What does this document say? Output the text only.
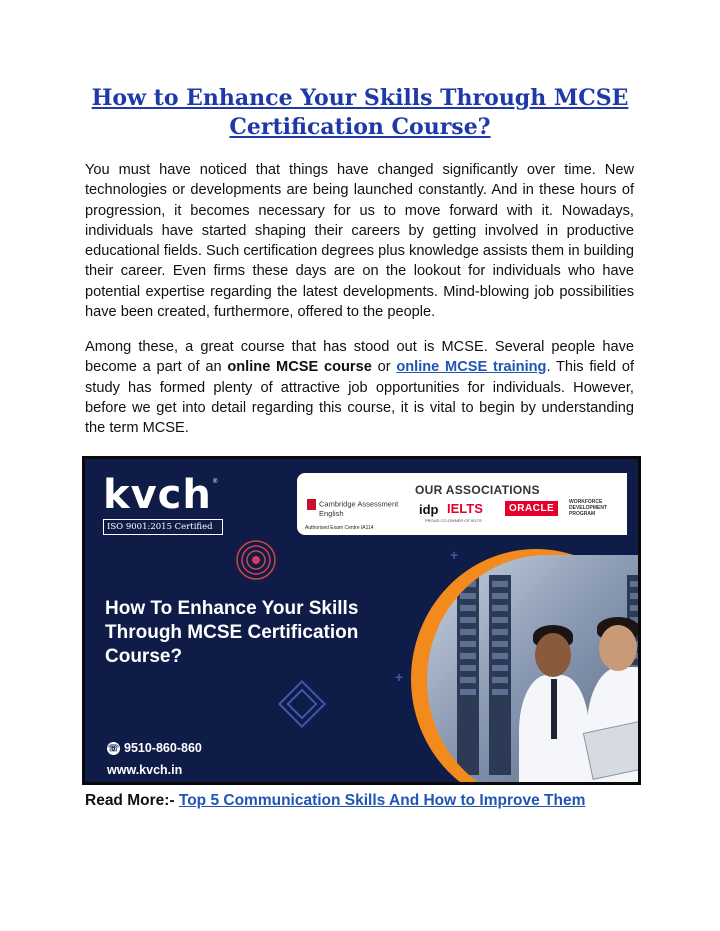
How to Enhance Your Skills Through MCSE Certification Course?

You must have noticed that things have changed significantly over time. New technologies or developments are being launched constantly. And in these hours of progression, it becomes necessary for us to move forward with it. Nowadays, individuals have started shaping their careers by getting involved in productive educational fields. Such certification degrees plus knowledge assists them in building their career. Even firms these days are on the lookout for individuals who have potential expertise regarding the latest developments. Mind-blowing job possibilities have been created, furthermore, offered to the people.

Among these, a great course that has stood out is MCSE. Several people have become a part of an online MCSE course or online MCSE training. This field of study has formed plenty of attractive job opportunities for individuals. However, before we get into detail regarding this course, it is vital to begin by understanding the term MCSE.

kvch ®
ISO 9001:2015 Certified
OUR ASSOCIATIONS
Cambridge Assessment
English
Authorised Exam Centre IA114
idp IELTS
PROUD CO-OWNER OF IELTS
ORACLE
WORKFORCE
DEVELOPMENT PROGRAM

How To Enhance Your Skills Through MCSE Certification Course?

+
+
☏ 9510-860-860
www.kvch.in

Read More:- Top 5 Communication Skills And How to Improve Them
